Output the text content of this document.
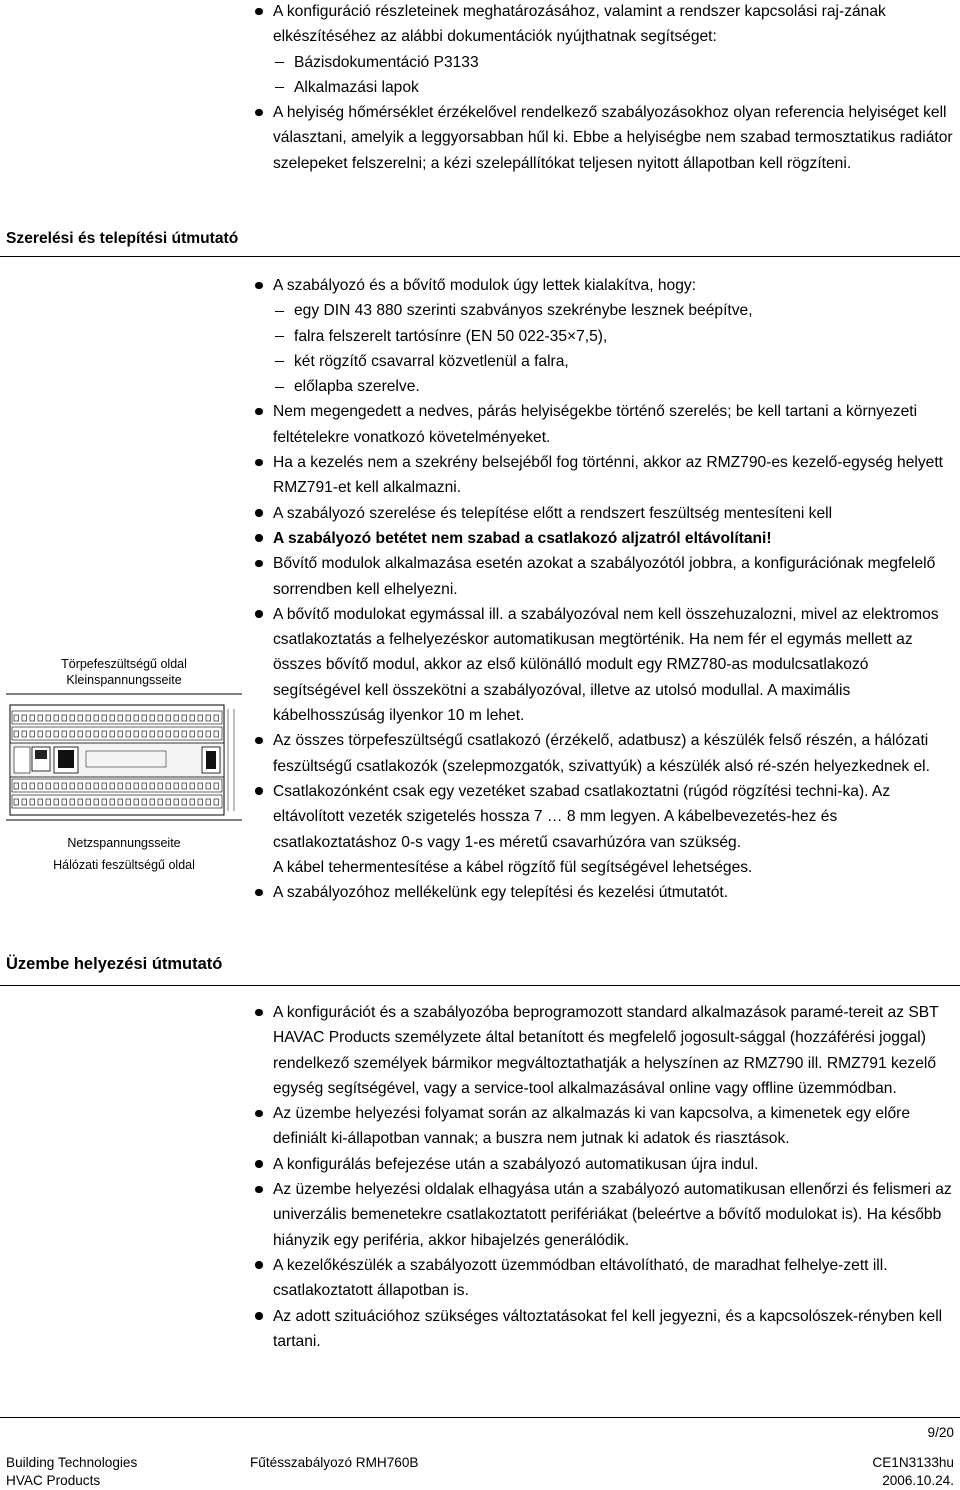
A konfiguráció részleteinek meghatározásához, valamint a rendszer kapcsolási raj-zának elkészítéséhez az alábbi dokumentációk nyújthatnak segítséget:
Bázisdokumentáció P3133
Alkalmazási lapok
A helyiség hőmérséklet érzékelővel rendelkező szabályozásokhoz olyan referencia helyiséget kell választani, amelyik a leggyorsabban hűl ki. Ebbe a helyiségbe nem szabad termosztatikus radiátor szelepeket felszerelni; a kézi szelepállítókat teljesen nyitott állapotban kell rögzíteni.
Szerelési és telepítési útmutató
A szabályozó és a bővítő modulok úgy lettek kialakítva, hogy:
egy DIN 43 880 szerinti szabványos szekrénybe lesznek beépítve,
falra felszerelt tartósínre (EN 50 022-35×7,5),
két rögzítő csavarral közvetlenül a falra,
előlapba szerelve.
Nem megengedett a nedves, párás helyiségekbe történő szerelés; be kell tartani a környezeti feltételekre vonatkozó követelményeket.
Ha a kezelés nem a szekrény belsejéből fog történni, akkor az RMZ790-es kezelő-egység helyett RMZ791-et kell alkalmazni.
A szabályozó szerelése és telepítése előtt a rendszert feszültség mentesíteni kell
A szabályozó betétet nem szabad a csatlakozó aljzatról eltávolítani!
Bővítő modulok alkalmazása esetén azokat a szabályozótól jobbra, a konfigurációnak megfelelő sorrendben kell elhelyezni.
A bővítő modulokat egymással ill. a szabályozóval nem kell összehuzalozni, mivel az elektromos csatlakoztatás a felhelyezéskor automatikusan megtörténik. Ha nem fér el egymás mellett az összes bővítő modul, akkor az első különálló modult egy RMZ780-as modulcsatlakozó segítségével kell összekötni a szabályozóval, illetve az utolsó modullal. A maximális kábelhosszúság ilyenkor 10 m lehet.
Az összes törpefeszültségű csatlakozó (érzékelő, adatbusz) a készülék felső részén, a hálózati feszültségű csatlakozók (szelepmozgatók, szivattyúk) a készülék alsó ré-szén helyezkednek el.
Csatlakozónként csak egy vezetéket szabad csatlakoztatni (rúgód rögzítési techni-ka). Az eltávolított vezeték szigetelés hossza 7 … 8 mm legyen. A kábelbevezetés-hez és csatlakoztatáshoz 0-s vagy 1-es méretű csavarhúzóra van szükség.
A kábel tehermentesítése a kábel rögzítő fül segítségével lehetséges.
A szabályozóhoz mellékelünk egy telepítési és kezelési útmutatót.
Törpefeszültségű oldal
Kleinspannungsseite
Netzspannungsseite
Hálózati feszültségű oldal
Üzembe helyezési útmutató
A konfigurációt és a szabályozóba beprogramozott standard alkalmazások paramé-tereit az SBT HAVAC Products személyzete által betanított és megfelelő jogosult-sággal (hozzáférési joggal) rendelkező személyek bármikor megváltoztathatják a helyszínen az RMZ790 ill. RMZ791 kezelő egység segítségével, vagy a service-tool alkalmazásával online vagy offline üzemmódban.
Az üzembe helyezési folyamat során az alkalmazás ki van kapcsolva, a kimenetek egy előre definiált ki-állapotban vannak; a buszra nem jutnak ki adatok és riasztások.
A konfigurálás befejezése után a szabályozó automatikusan újra indul.
Az üzembe helyezési oldalak elhagyása után a szabályozó automatikusan ellenőrzi és felismeri az univerzális bemenetekre csatlakoztatott perifériákat (beleértve a bővítő modulokat is). Ha később hiányzik egy periféria, akkor hibajelzés generálódik.
A kezelőkészülék a szabályozott üzemmódban eltávolítható, de maradhat felhelye-zett ill. csatlakoztatott állapotban is.
Az adott szituációhoz szükséges változtatásokat fel kell jegyezni, és a kapcsolószek-rényben kell tartani.
9/20
Building Technologies
HVAC Products
Fűtésszabályozó RMH760B	CE1N3133hu
2006.10.24.
